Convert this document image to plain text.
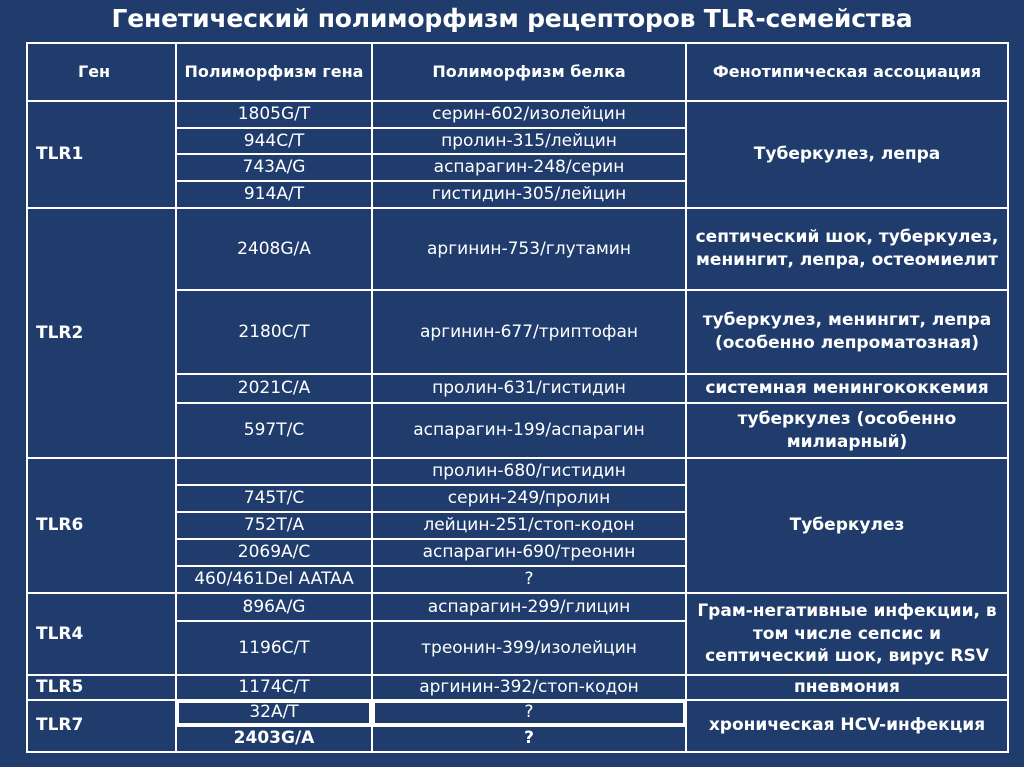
Генетический полиморфизм рецепторов TLR-семейства
Ген	Полиморфизм гена	Полиморфизм белка	Фенотипическая ассоциация
TLR1	1805G/T	серин-602/изолейцин	Туберкулез, лепра
	944C/T	пролин-315/лейцин	
	743A/G	аспарагин-248/серин	
	914A/T	гистидин-305/лейцин	
TLR2	2408G/A	аргинин-753/глутамин	септический шок, туберкулез, менингит, лепра, остеомиелит
	2180C/T	аргинин-677/триптофан	туберкулез, менингит, лепра (особенно лепроматозная)
	2021C/A	пролин-631/гистидин	системная менингококкемия
	597T/C	аспарагин-199/аспарагин	туберкулез (особенно милиарный)
TLR6		пролин-680/гистидин	Туберкулез
	745T/C	серин-249/пролин	
	752T/A	лейцин-251/стоп-кодон	
	2069A/C	аспарагин-690/треонин	
	460/461Del AATAA	?	
TLR4	896A/G	аспарагин-299/глицин	Грам-негативные инфекции, в том числе сепсис и септический шок, вирус RSV
	1196C/T	треонин-399/изолейцин	
TLR5	1174C/T	аргинин-392/стоп-кодон	пневмония
TLR7	32A/T	?	хроническая HCV-инфекция
	2403G/A	?	
